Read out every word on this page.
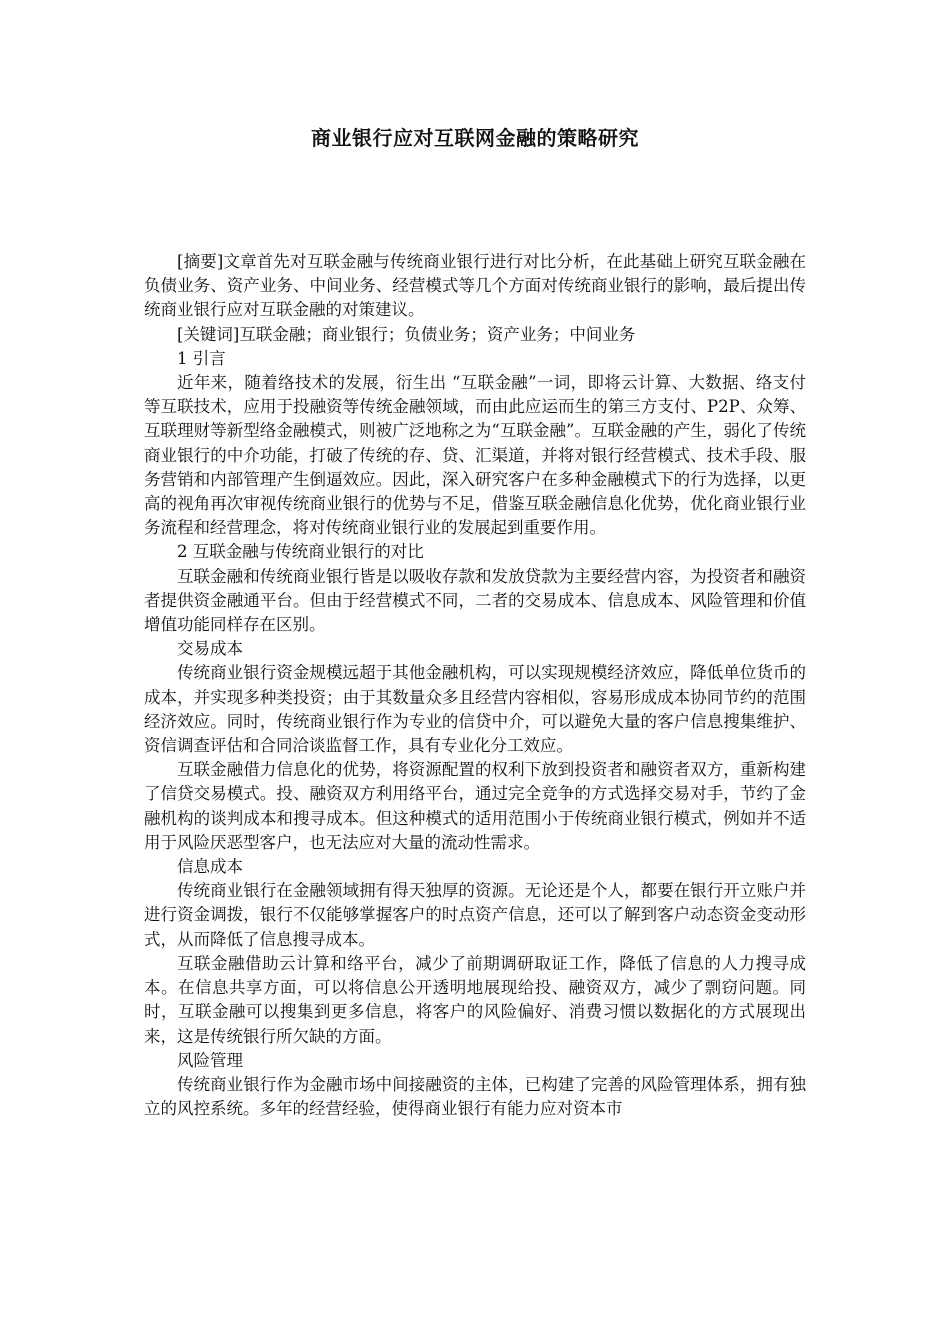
商业银行应对互联网金融的策略研究

[摘要]文章首先对互联金融与传统商业银行进行对比分析，在此基础上研究互联金融在负债业务、资产业务、中间业务、经营模式等几个方面对传统商业银行的影响，最后提出传统商业银行应对互联金融的对策建议。

[关键词]互联金融；商业银行；负债业务；资产业务；中间业务

1 引言

近年来，随着络技术的发展，衍生出 “互联金融”一词，即将云计算、大数据、络支付等互联技术，应用于投融资等传统金融领域，而由此应运而生的第三方支付、P2P、众筹、互联理财等新型络金融模式，则被广泛地称之为“互联金融”。互联金融的产生，弱化了传统商业银行的中介功能，打破了传统的存、贷、汇渠道，并将对银行经营模式、技术手段、服务营销和内部管理产生倒逼效应。因此，深入研究客户在多种金融模式下的行为选择，以更高的视角再次审视传统商业银行的优势与不足，借鉴互联金融信息化优势，优化商业银行业务流程和经营理念，将对传统商业银行业的发展起到重要作用。

2 互联金融与传统商业银行的对比

互联金融和传统商业银行皆是以吸收存款和发放贷款为主要经营内容，为投资者和融资者提供资金融通平台。但由于经营模式不同，二者的交易成本、信息成本、风险管理和价值增值功能同样存在区别。

交易成本

传统商业银行资金规模远超于其他金融机构，可以实现规模经济效应，降低单位货币的成本，并实现多种类投资；由于其数量众多且经营内容相似，容易形成成本协同节约的范围经济效应。同时，传统商业银行作为专业的信贷中介，可以避免大量的客户信息搜集维护、资信调查评估和合同洽谈监督工作，具有专业化分工效应。

互联金融借力信息化的优势，将资源配置的权利下放到投资者和融资者双方，重新构建了信贷交易模式。投、融资双方利用络平台，通过完全竞争的方式选择交易对手，节约了金融机构的谈判成本和搜寻成本。但这种模式的适用范围小于传统商业银行模式，例如并不适用于风险厌恶型客户，也无法应对大量的流动性需求。

信息成本

传统商业银行在金融领域拥有得天独厚的资源。无论还是个人，都要在银行开立账户并进行资金调拨，银行不仅能够掌握客户的时点资产信息，还可以了解到客户动态资金变动形式，从而降低了信息搜寻成本。

互联金融借助云计算和络平台，减少了前期调研取证工作，降低了信息的人力搜寻成本。在信息共享方面，可以将信息公开透明地展现给投、融资双方，减少了剽窃问题。同时，互联金融可以搜集到更多信息，将客户的风险偏好、消费习惯以数据化的方式展现出来，这是传统银行所欠缺的方面。

风险管理

传统商业银行作为金融市场中间接融资的主体，已构建了完善的风险管理体系，拥有独立的风控系统。多年的经营经验，使得商业银行有能力应对资本市
